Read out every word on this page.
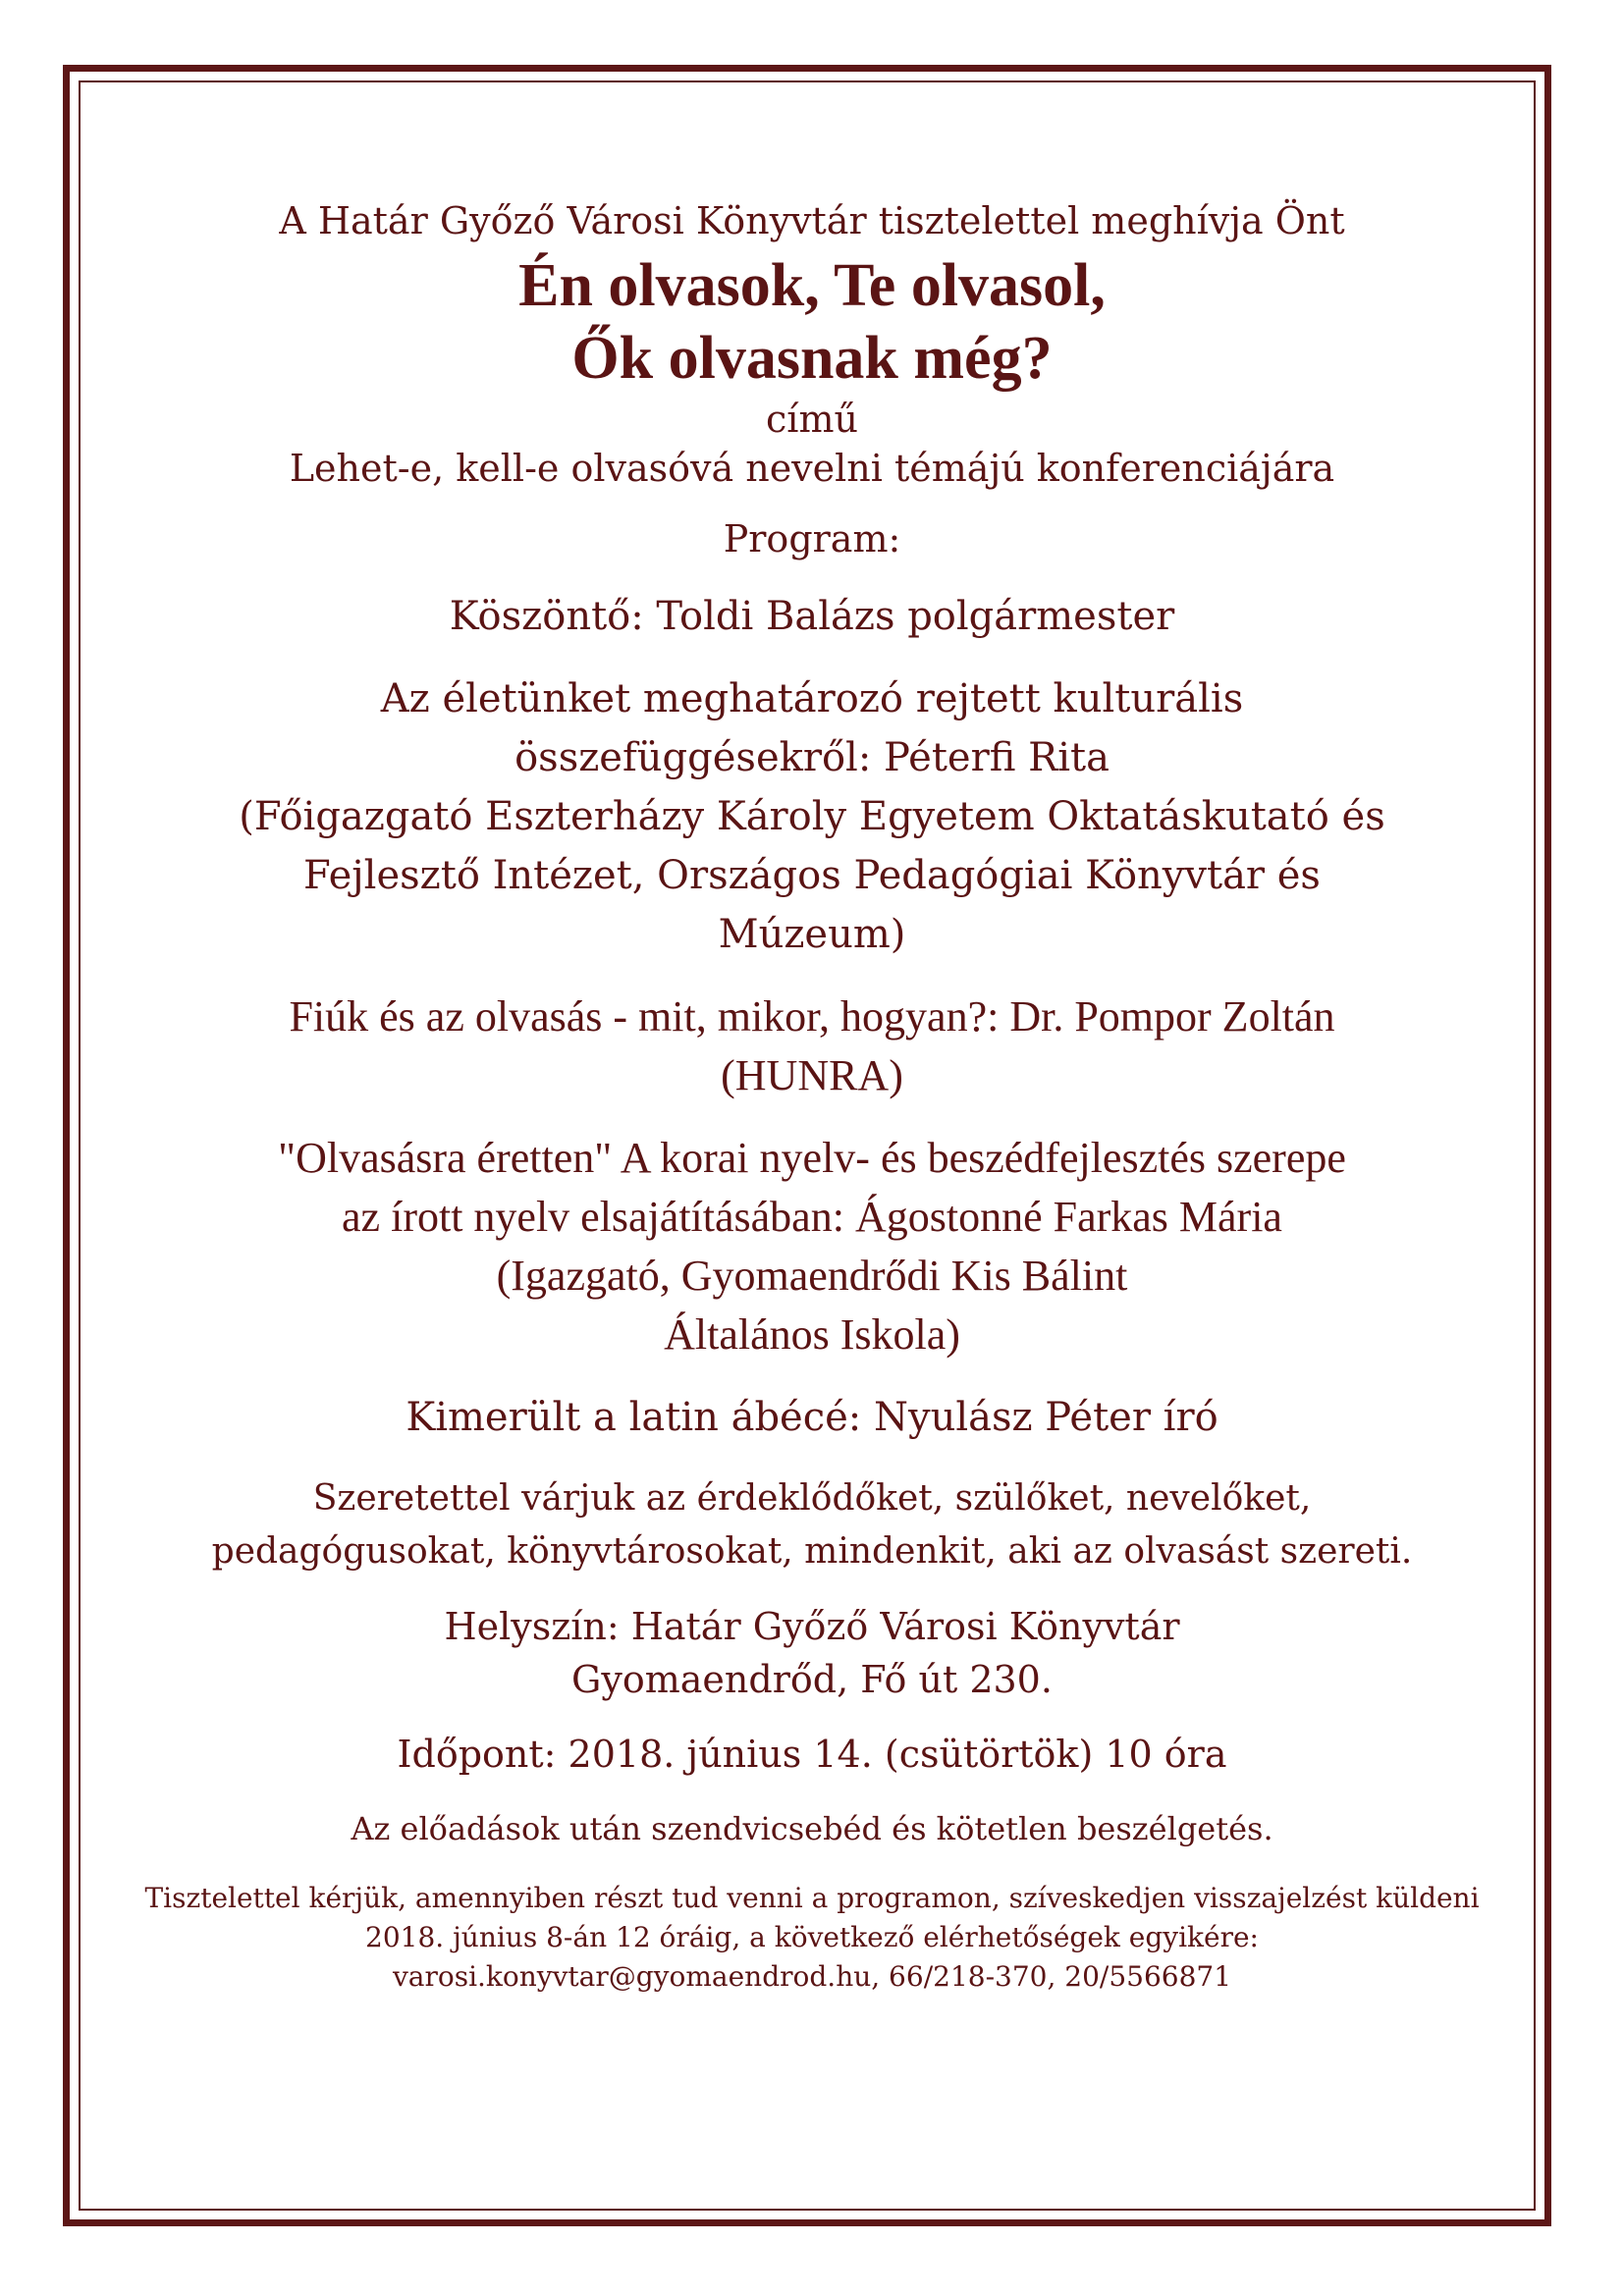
A Határ Győző Városi Könyvtár tisztelettel meghívja Önt
Én olvasok, Te olvasol,
Ők olvasnak még?
című
Lehet-e, kell-e olvasóvá nevelni témájú konferenciájára
Program:
Köszöntő: Toldi Balázs polgármester
Az életünket meghatározó rejtett kulturális
összefüggésekről: Péterfi Rita
(Főigazgató Eszterházy Károly Egyetem Oktatáskutató és
Fejlesztő Intézet, Országos Pedagógiai Könyvtár és
Múzeum)
Fiúk és az olvasás - mit, mikor, hogyan?: Dr. Pompor Zoltán
(HUNRA)
"Olvasásra éretten" A korai nyelv- és beszédfejlesztés szerepe
az írott nyelv elsajátításában: Ágostonné Farkas Mária
(Igazgató, Gyomaendrődi Kis Bálint
Általános Iskola)
Kimerült a latin ábécé: Nyulász Péter író
Szeretettel várjuk az érdeklődőket, szülőket, nevelőket,
pedagógusokat, könyvtárosokat, mindenkit, aki az olvasást szereti.
Helyszín: Határ Győző Városi Könyvtár
Gyomaendrőd, Fő út 230.
Időpont: 2018. június 14. (csütörtök) 10 óra
Az előadások után szendvicsebéd és kötetlen beszélgetés.
Tisztelettel kérjük, amennyiben részt tud venni a programon, szíveskedjen visszajelzést küldeni
2018. június 8-án 12 óráig, a következő elérhetőségek egyikére:
varosi.konyvtar@gyomaendrod.hu, 66/218-370, 20/5566871
